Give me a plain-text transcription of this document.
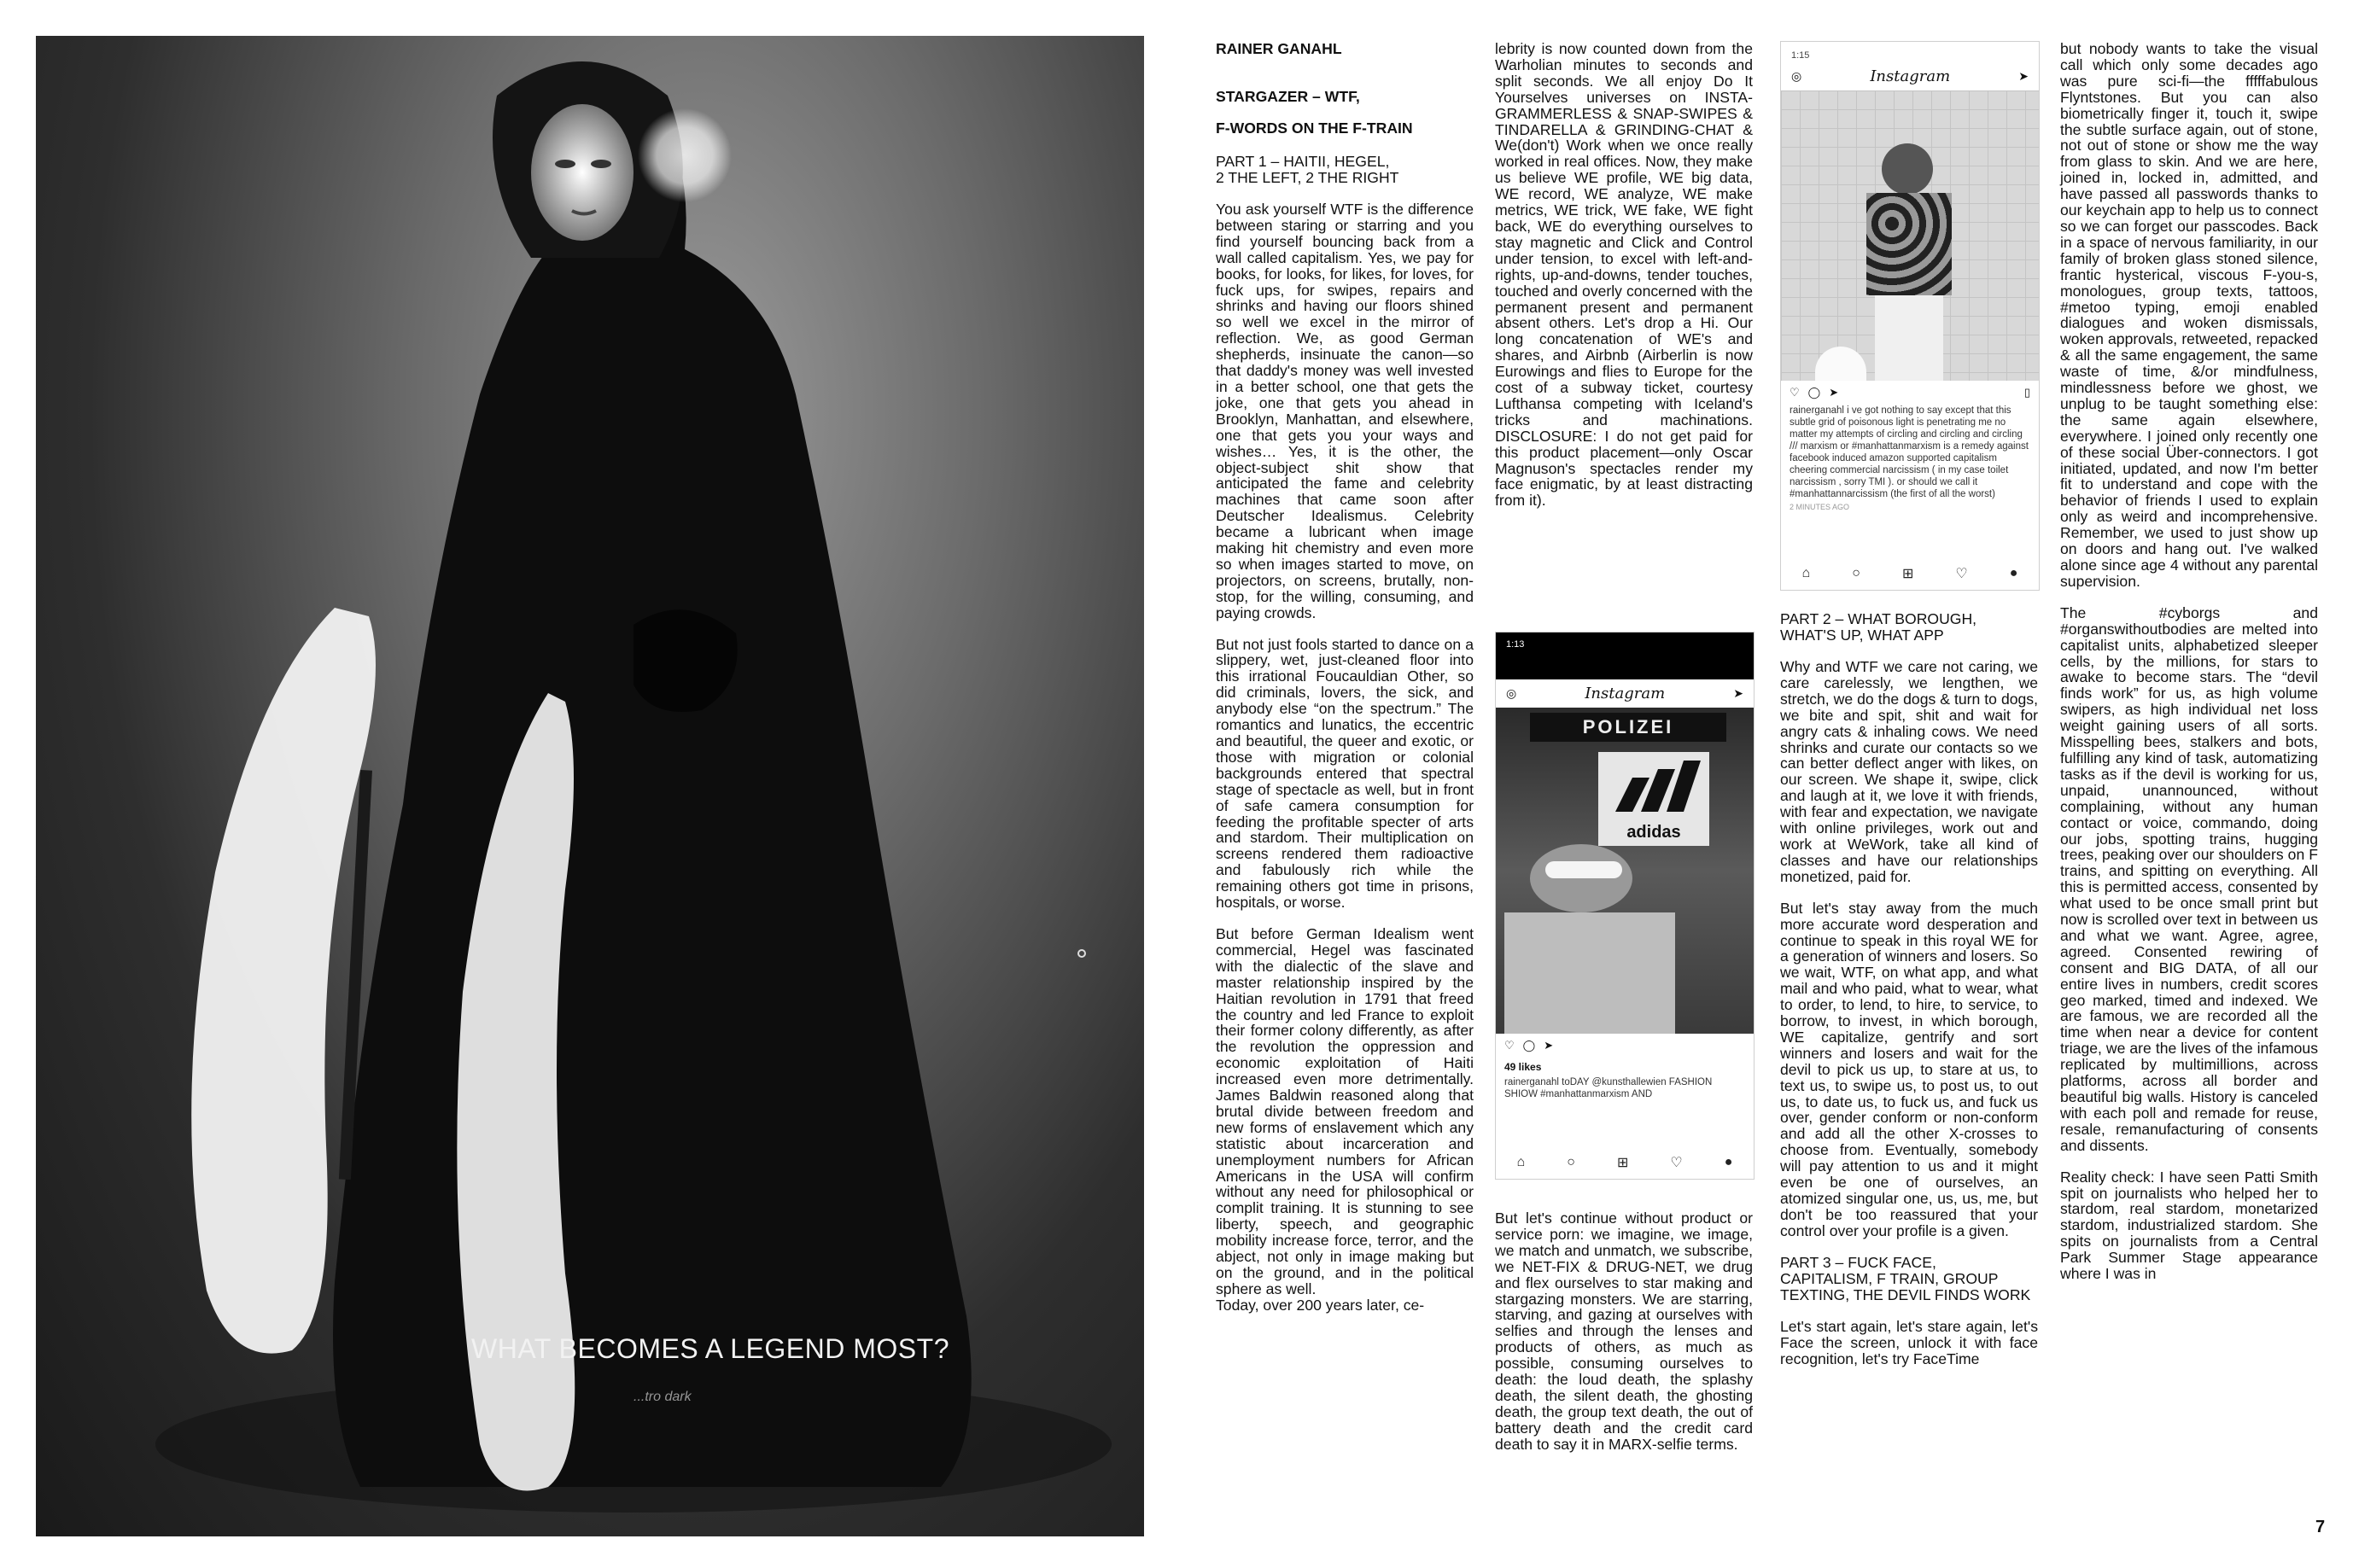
WHAT BECOMES A LEGEND MOST?
...tro dark

RAINER GANAHL

STARGAZER – WTF,

F-WORDS ON THE F-TRAIN

PART 1 – HAITII, HEGEL,

2 THE LEFT, 2 THE RIGHT

You ask yourself WTF is the difference between staring or starring and you find yourself bouncing back from a wall called capitalism. Yes, we pay for books, for looks, for likes, for loves, for fuck ups, for swipes, repairs and shrinks and having our floors shined so well we excel in the mirror of reflection. We, as good German shepherds, insinuate the canon—so that daddy's money was well invested in a better school, one that gets the joke, one that gets you ahead in Brooklyn, Manhattan, and elsewhere, one that gets you your ways and wishes… Yes, it is the other, the object-subject shit show that anticipated the fame and celebrity machines that came soon after Deutscher Idealismus. Celebrity became a lubricant when image making hit chemistry and even more so when images started to move, on projectors, on screens, brutally, non-stop, for the willing, consuming, and paying crowds.

But not just fools started to dance on a slippery, wet, just-cleaned floor into this irrational Foucauldian Other, so did criminals, lovers, the sick, and anybody else “on the spectrum.” The romantics and lunatics, the eccentric and beautiful, the queer and exotic, or those with migration or colonial backgrounds entered that spectral stage of spectacle as well, but in front of safe camera consumption for feeding the profitable specter of arts and stardom. Their multiplication on screens rendered them radioactive and fabulously rich while the remaining others got time in prisons, hospitals, or worse.

But before German Idealism went commercial, Hegel was fascinated with the dialectic of the slave and master relationship inspired by the Haitian revolution in 1791 that freed the country and led France to exploit their former colony differently, as after the revolution the oppression and economic exploitation of Haiti increased even more detrimentally. James Baldwin reasoned along that brutal divide between freedom and new forms of enslavement which any statistic about incarceration and unemployment numbers for African Americans in the USA will confirm without any need for philosophical or complit training. It is stunning to see liberty, speech, and geographic mobility increase force, terror, and the abject, not only in image making but on the ground, and in the political sphere as well.

Today, over 200 years later, ce-

lebrity is now counted down from the Warholian minutes to seconds and split seconds. We all enjoy Do It Yourselves universes on INSTA-GRAMMERLESS & SNAP-SWIPES & TINDARELLA & GRINDING-CHAT & We(don't) Work when we once really worked in real offices. Now, they make us believe WE profile, WE big data, WE record, WE analyze, WE make metrics, WE trick, WE fake, WE fight back, WE do everything ourselves to stay magnetic and Click and Control under tension, to excel with left-and-rights, up-and-downs, tender touches, touched and overly concerned with the permanent present and permanent absent others. Let's drop a Hi. Our long concatenation of WE's and shares, and Airbnb (Airberlin is now Eurowings and flies to Europe for the cost of a subway ticket, courtesy Lufthansa competing with Iceland's tricks and machinations. DISCLOSURE: I do not get paid for this product placement—only Oscar Magnuson's spectacles render my face enigmatic, by at least distracting from it).

1:13
◎	Instagram	➤
POLIZEI
adidas
♡ ◯ ➤
49 likes
rainerganahl toDAY @kunsthallewien FASHION SHIOW #manhattanmarxism AND
⌂	○	⊞	♡	●

But let's continue without product or service porn: we imagine, we image, we match and unmatch, we subscribe, we NET-FIX & DRUG-NET, we drug and flex ourselves to star making and stargazing monsters. We are starring, starving, and gazing at ourselves with selfies and through the lenses and products of others, as much as possible, consuming ourselves to death: the loud death, the splashy death, the silent death, the ghosting death, the group text death, the out of battery death and the credit card death to say it in MARX-selfie terms.

1:15
◎	Instagram	➤
♡ ◯ ➤	▯
rainerganahl i ve got nothing to say except that this subtle grid of poisonous light is penetrating me no matter my attempts of circling and circling and circling /// marxism or #manhattanmarxism is a remedy against facebook induced amazon supported capitalism cheering commercial narcissism ( in my case toilet narcissism , sorry TMI ). or should we call it #manhattannarcissism (the first of all the worst)
2 MINUTES AGO
⌂	○	⊞	♡	●

PART 2 – WHAT BOROUGH,

WHAT'S UP, WHAT APP

Why and WTF we care not caring, we care carelessly, we lengthen, we stretch, we do the dogs & turn to dogs, we bite and spit, shit and wait for angry cats & inhaling cows. We need shrinks and curate our contacts so we can better deflect anger with likes, on our screen. We shape it, swipe, click and laugh at it, we love it with friends, with fear and expectation, we navigate with online privileges, work out and work at WeWork, take all kind of classes and have our relationships monetized, paid for.

But let's stay away from the much more accurate word desperation and continue to speak in this royal WE for a generation of winners and losers. So we wait, WTF, on what app, and what mail and who paid, what to wear, what to order, to lend, to hire, to service, to borrow, to invest, in which borough, WE capitalize, gentrify and sort winners and losers and wait for the devil to pick us up, to stare at us, to text us, to swipe us, to post us, to out us, to date us, to fuck us, and fuck us over, gender conform or non-conform and add all the other X-crosses to choose from. Eventually, somebody will pay attention to us and it might even be one of ourselves, an atomized singular one, us, us, me, but don't be too reassured that your control over your profile is a given.

PART 3 – FUCK FACE,

CAPITALISM, F TRAIN, GROUP

TEXTING, THE DEVIL FINDS WORK

Let's start again, let's stare again, let's Face the screen, unlock it with face recognition, let's try FaceTime

but nobody wants to take the visual call which only some decades ago was pure sci-fi—the fffffabulous Flyntstones. But you can also biometrically finger it, touch it, swipe the subtle surface again, out of stone, not out of stone or show me the way from glass to skin. And we are here, joined in, locked in, admitted, and have passed all passwords thanks to our keychain app to help us to connect so we can forget our passcodes. Back in a space of nervous familiarity, in our family of broken glass stoned silence, frantic hysterical, viscous F-you-s, monologues, group texts, tattoos, #metoo typing, emoji enabled dialogues and woken dismissals, woken approvals, retweeted, repacked & all the same engagement, the same waste of time, &/or mindfulness, mindlessness before we ghost, we unplug to be taught something else: the same again elsewhere, everywhere. I joined only recently one of these social Über-connectors. I got initiated, updated, and now I'm better fit to understand and cope with the behavior of friends I used to explain only as weird and incomprehensive. Remember, we used to just show up on doors and hang out. I've walked alone since age 4 without any parental supervision.

The #cyborgs and #organswithoutbodies are melted into capitalist units, alphabetized sleeper cells, by the millions, for stars to awake to become stars. The “devil finds work” for us, as high volume swipers, as high individual net loss weight gaining users of all sorts. Misspelling bees, stalkers and bots, fulfilling any kind of task, automatizing tasks as if the devil is working for us, unpaid, unannounced, without complaining, without any human contact or voice, commando, doing our jobs, spotting trains, hugging trees, peaking over our shoulders on F trains, and spitting on everything. All this is permitted access, consented by what used to be once small print but now is scrolled over text in between us and what we want. Agree, agree, agreed. Consented rewiring of consent and BIG DATA, of all our entire lives in numbers, credit scores geo marked, timed and indexed. We are famous, we are recorded all the time when near a device for content triage, we are the lives of the infamous replicated by multimillions, across platforms, across all border and beautiful big walls. History is canceled with each poll and remade for reuse, resale, remanufacturing of consents and dissents.

Reality check: I have seen Patti Smith spit on journalists who helped her to stardom, real stardom, monetarized stardom, industrialized stardom. She spits on journalists from a Central Park Summer Stage appearance where I was in

7
